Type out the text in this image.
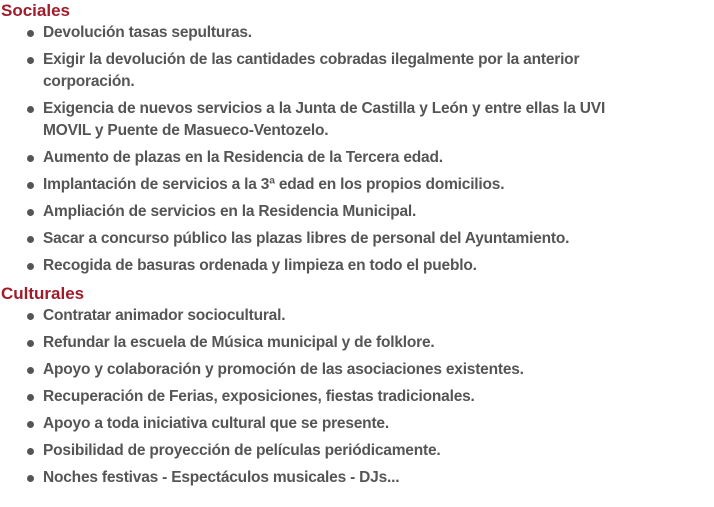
Sociales
Devolución tasas sepulturas.
Exigir la devolución de las cantidades cobradas ilegalmente por la anterior
corporación.
Exigencia de nuevos servicios a la Junta de Castilla y León y entre ellas la UVI
MOVIL y Puente de Masueco-Ventozelo.
Aumento de plazas en la Residencia de la Tercera edad.
Implantación de servicios a la 3ª edad en los propios domicilios.
Ampliación de servicios en la Residencia Municipal.
Sacar a concurso público las plazas libres de personal del Ayuntamiento.
Recogida de basuras ordenada y limpieza en todo el pueblo.
Culturales
Contratar animador sociocultural.
Refundar la escuela de Música municipal y de folklore.
Apoyo y colaboración y promoción de las asociaciones existentes.
Recuperación de Ferias, exposiciones, fiestas tradicionales.
Apoyo a toda iniciativa cultural que se presente.
Posibilidad de proyección de películas periódicamente.
Noches festivas - Espectáculos musicales - DJs...
